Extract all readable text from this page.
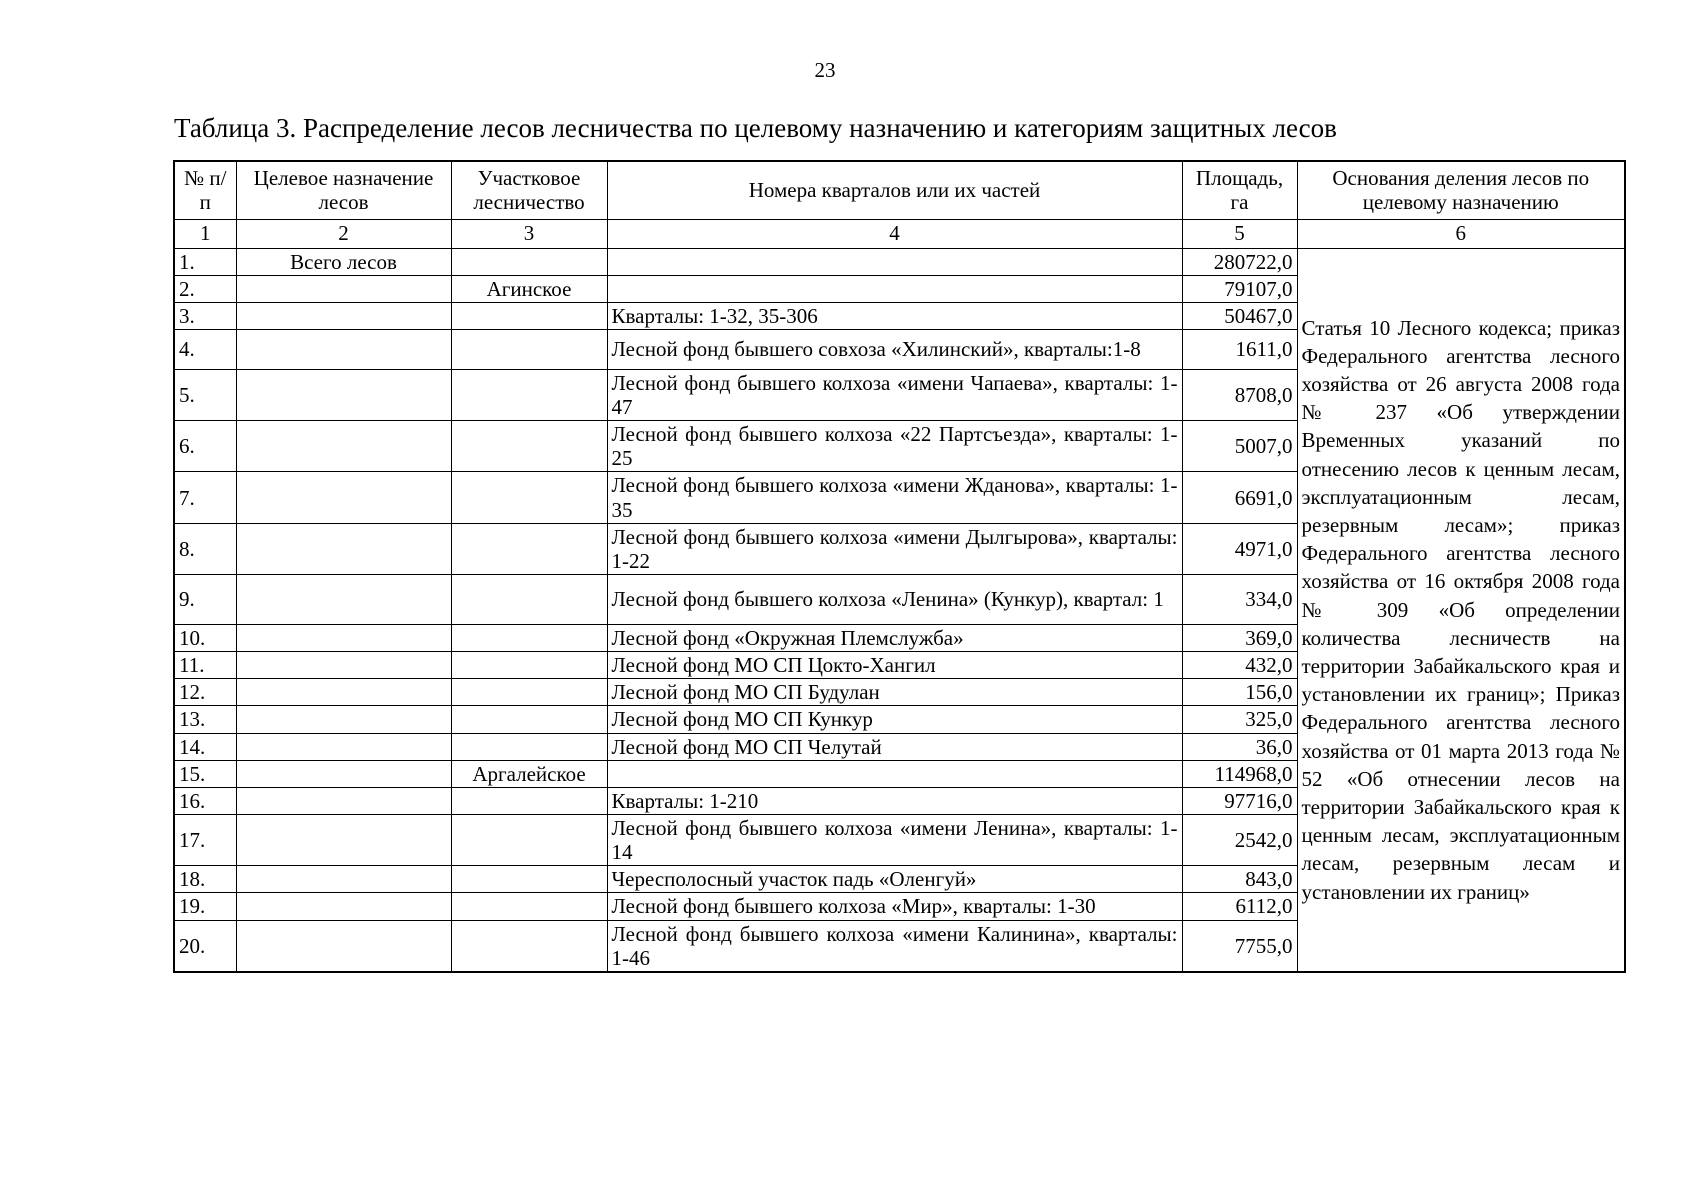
23
Таблица 3. Распределение лесов лесничества по целевому назначению и категориям защитных лесов
№ п/п	Целевое назначение лесов	Участковое лесничество	Номера кварталов или их частей	Площадь, га	Основания деления лесов по целевому назначению
1	2	3	4	5	6
1.	Всего лесов			280722,0	Статья 10 Лесного кодекса; приказ Федерального агентства лесного хозяйства от 26 августа 2008 года № 237 «Об утверждении Временных указаний по отнесению лесов к ценным лесам, эксплуатационным лесам, резервным лесам»; приказ Федерального агентства лесного хозяйства от 16 октября 2008 года № 309 «Об определении количества лесничеств на территории Забайкальского края и установлении их границ»; Приказ Федерального агентства лесного хозяйства от 01 марта 2013 года № 52 «Об отнесении лесов на территории Забайкальского края к ценным лесам, эксплуатационным лесам, резервным лесам и установлении их границ»
2.		Агинское		79107,0	
3.			Кварталы: 1-32, 35-306	50467,0	
4.			Лесной фонд бывшего совхоза «Хилинский», кварталы:1-8	1611,0	
5.			Лесной фонд бывшего колхоза «имени Чапаева», кварталы: 1-47	8708,0	
6.			Лесной фонд бывшего колхоза «22 Партсъезда», кварталы: 1-25	5007,0	
7.			Лесной фонд бывшего колхоза «имени Жданова», кварталы: 1-35	6691,0	
8.			Лесной фонд бывшего колхоза «имени Дылгырова», кварталы: 1-22	4971,0	
9.			Лесной фонд бывшего колхоза «Ленина» (Кункур), квартал: 1	334,0	
10.			Лесной фонд «Окружная Племслужба»	369,0	
11.			Лесной фонд МО СП Цокто-Хангил	432,0	
12.			Лесной фонд МО СП Будулан	156,0	
13.			Лесной фонд МО СП Кункур	325,0	
14.			Лесной фонд МО СП Челутай	36,0	
15.		Аргалейское		114968,0	
16.			Кварталы: 1-210	97716,0	
17.			Лесной фонд бывшего колхоза «имени Ленина», кварталы: 1-14	2542,0	
18.			Чересполосный участок падь «Оленгуй»	843,0	
19.			Лесной фонд бывшего колхоза «Мир», кварталы: 1-30	6112,0	
20.			Лесной фонд бывшего колхоза «имени Калинина», кварталы: 1-46	7755,0	
